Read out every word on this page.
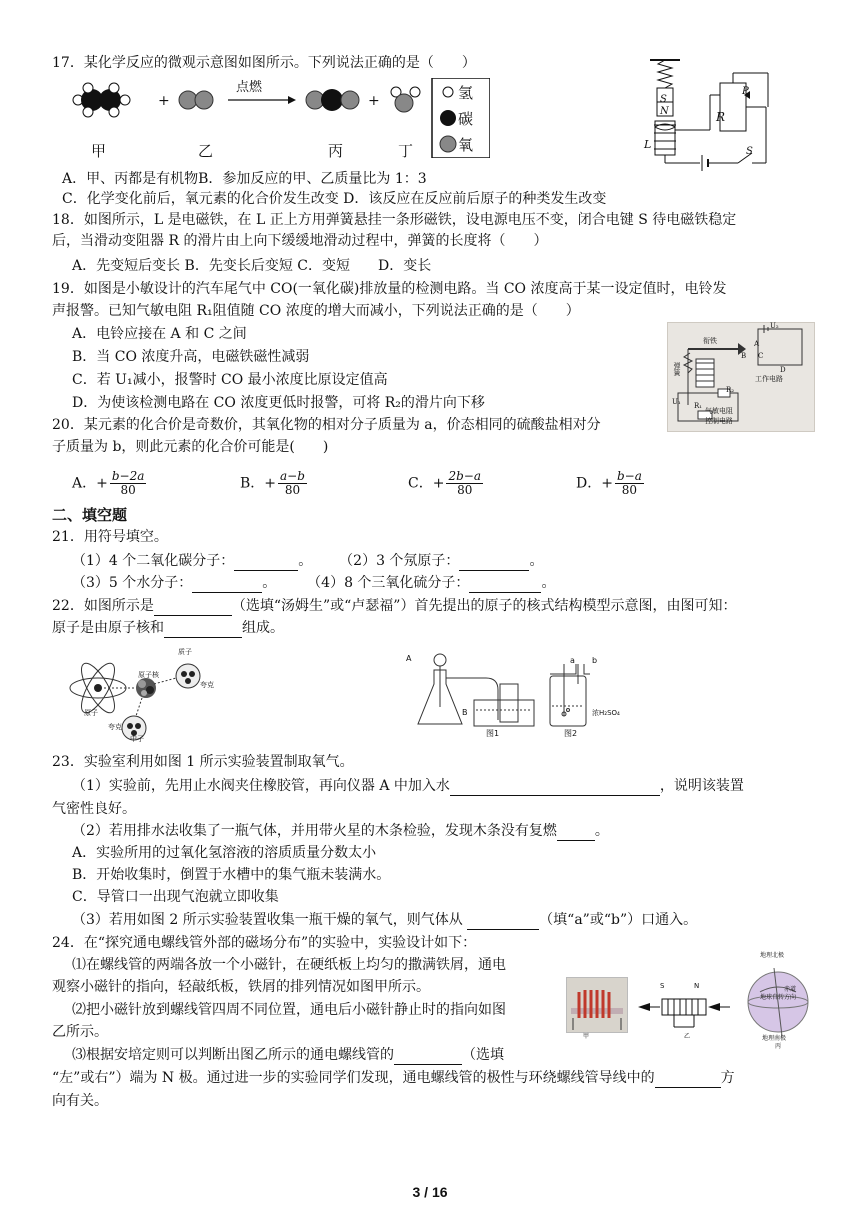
17．某化学反应的微观示意图如图所示。下列说法正确的是（　　）
+	+
点燃
甲	乙	丙	丁
氢
碳
氧
S
N	R
P
L
S
A．甲、丙都是有机物B．参加反应的甲、乙质量比为 1：3
C．化学变化前后，氧元素的化合价发生改变 D．该反应在反应前后原子的种类发生改变
18．如图所示，L 是电磁铁，在 L 正上方用弹簧悬挂一条形磁铁，设电源电压不变，闭合电键 S 待电磁铁稳定
后，当滑动变阻器 R 的滑片由上向下缓缓地滑动过程中，弹簧的长度将（　　）
A．先变短后变长 B．先变长后变短 C．变短　　D．变长
19．如图是小敏设计的汽车尾气中 CO(一氧化碳)排放量的检测电路。当 CO 浓度高于某一设定值时，电铃发
声报警。已知气敏电阻 R₁阻值随 CO 浓度的增大而减小，下列说法正确的是（　　）
A．电铃应接在 A 和 C 之间
B．当 CO 浓度升高，电磁铁磁性减弱
C．若 U₁减小，报警时 CO 最小浓度比原设定值高
D．为使该检测电路在 CO 浓度更低时报警，可将 R₂的滑片向下移
U₂
衔铁	A
B C
D
工作电路
弹簧
R₂
U₁ R₁
气敏电阻
控制电路
20．某元素的化合价是奇数价，其氧化物的相对分子质量为 a，价态相同的硫酸盐相对分
子质量为 b，则此元素的化合价可能是(　　)
A．+ $\frac{b-2a}{80}$	B．+ $\frac{a-b}{80}$	C．+ $\frac{2b-a}{80}$	D．+ $\frac{b-a}{80}$
二、填空题
21．用符号填空。
（1）4 个二氧化碳分子：	。 （2）3 个氖原子：	。
（3）5 个水分子：	。 （4）8 个三氧化硫分子：	。
22．如图所示是	（选填“汤姆生”或“卢瑟福”）首先提出的原子的核式结构模型示意图，由图可知：
原子是由原子核和	组成。
质子
原子核
夸克
原子
夸克
中子
A
B
图1
a b
浓H₂SO₄
图2
23．实验室利用如图 1 所示实验装置制取氧气。
（1）实验前，先用止水阀夹住橡胶管，再向仪器 A 中加入水	，说明该装置
气密性良好。
（2）若用排水法收集了一瓶气体，并用带火星的木条检验，发现木条没有复燃	。
A．实验所用的过氧化氢溶液的溶质质量分数太小
B．开始收集时，倒置于水槽中的集气瓶未装满水。
C．导管口一出现气泡就立即收集
（3）若用如图 2 所示实验装置收集一瓶干燥的氧气，则气体从	（填“a”或“b”）口通入。
24．在“探究通电螺线管外部的磁场分布”的实验中，实验设计如下：
⑴在螺线管的两端各放一个小磁针，在硬纸板上均匀的撒满铁屑，通电
观察小磁针的指向，轻敲纸板，铁屑的排列情况如图甲所示。
⑵把小磁针放到螺线管四周不同位置，通电后小磁针静止时的指向如图
乙所示。
⑶根据安培定则可以判断出图乙所示的通电螺线管的	（选填
“左”或右”）端为 N 极。通过进一步的实验同学们发现，通电螺线管的极性与环绕螺线管导线中的	方
向有关。
甲
S	N
乙
地理北极
赤道
地球自转方向
地理南极
丙
3 / 16
